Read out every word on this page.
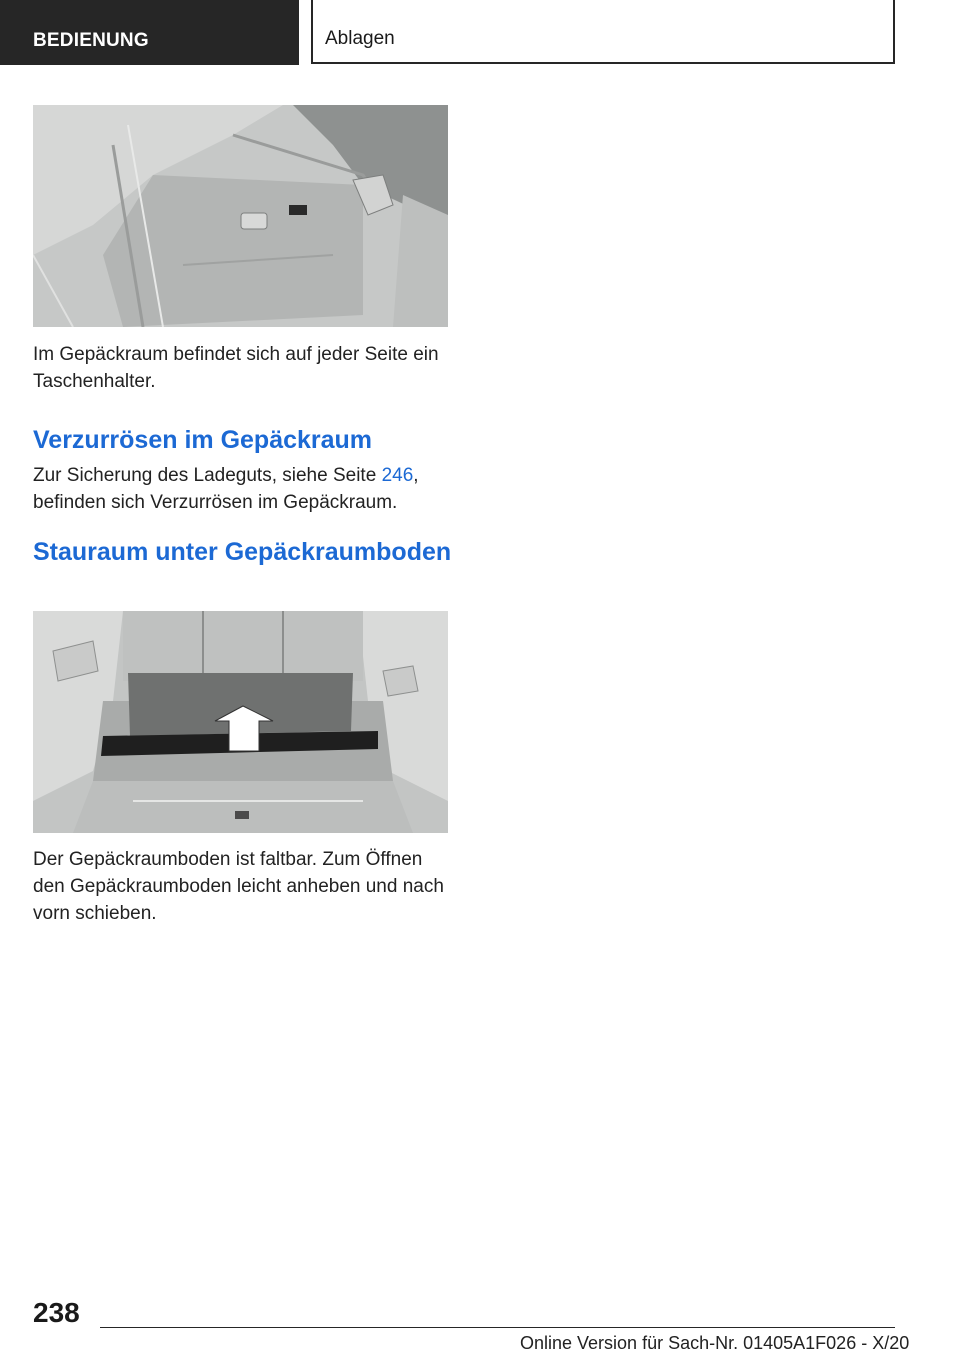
BEDIENUNG	Ablagen
Im Gepäckraum befindet sich auf jeder Seite ein Taschenhalter.
Verzurrösen im Gepäckraum
Zur Sicherung des Ladeguts, siehe Seite 246, befinden sich Verzurrösen im Gepäckraum.
Stauraum unter Gepäckraumboden
Der Gepäckraumboden ist faltbar. Zum Öffnen den Gepäckraumboden leicht anheben und nach vorn schieben.
238
Online Version für Sach-Nr. 01405A1F026 - X/20
